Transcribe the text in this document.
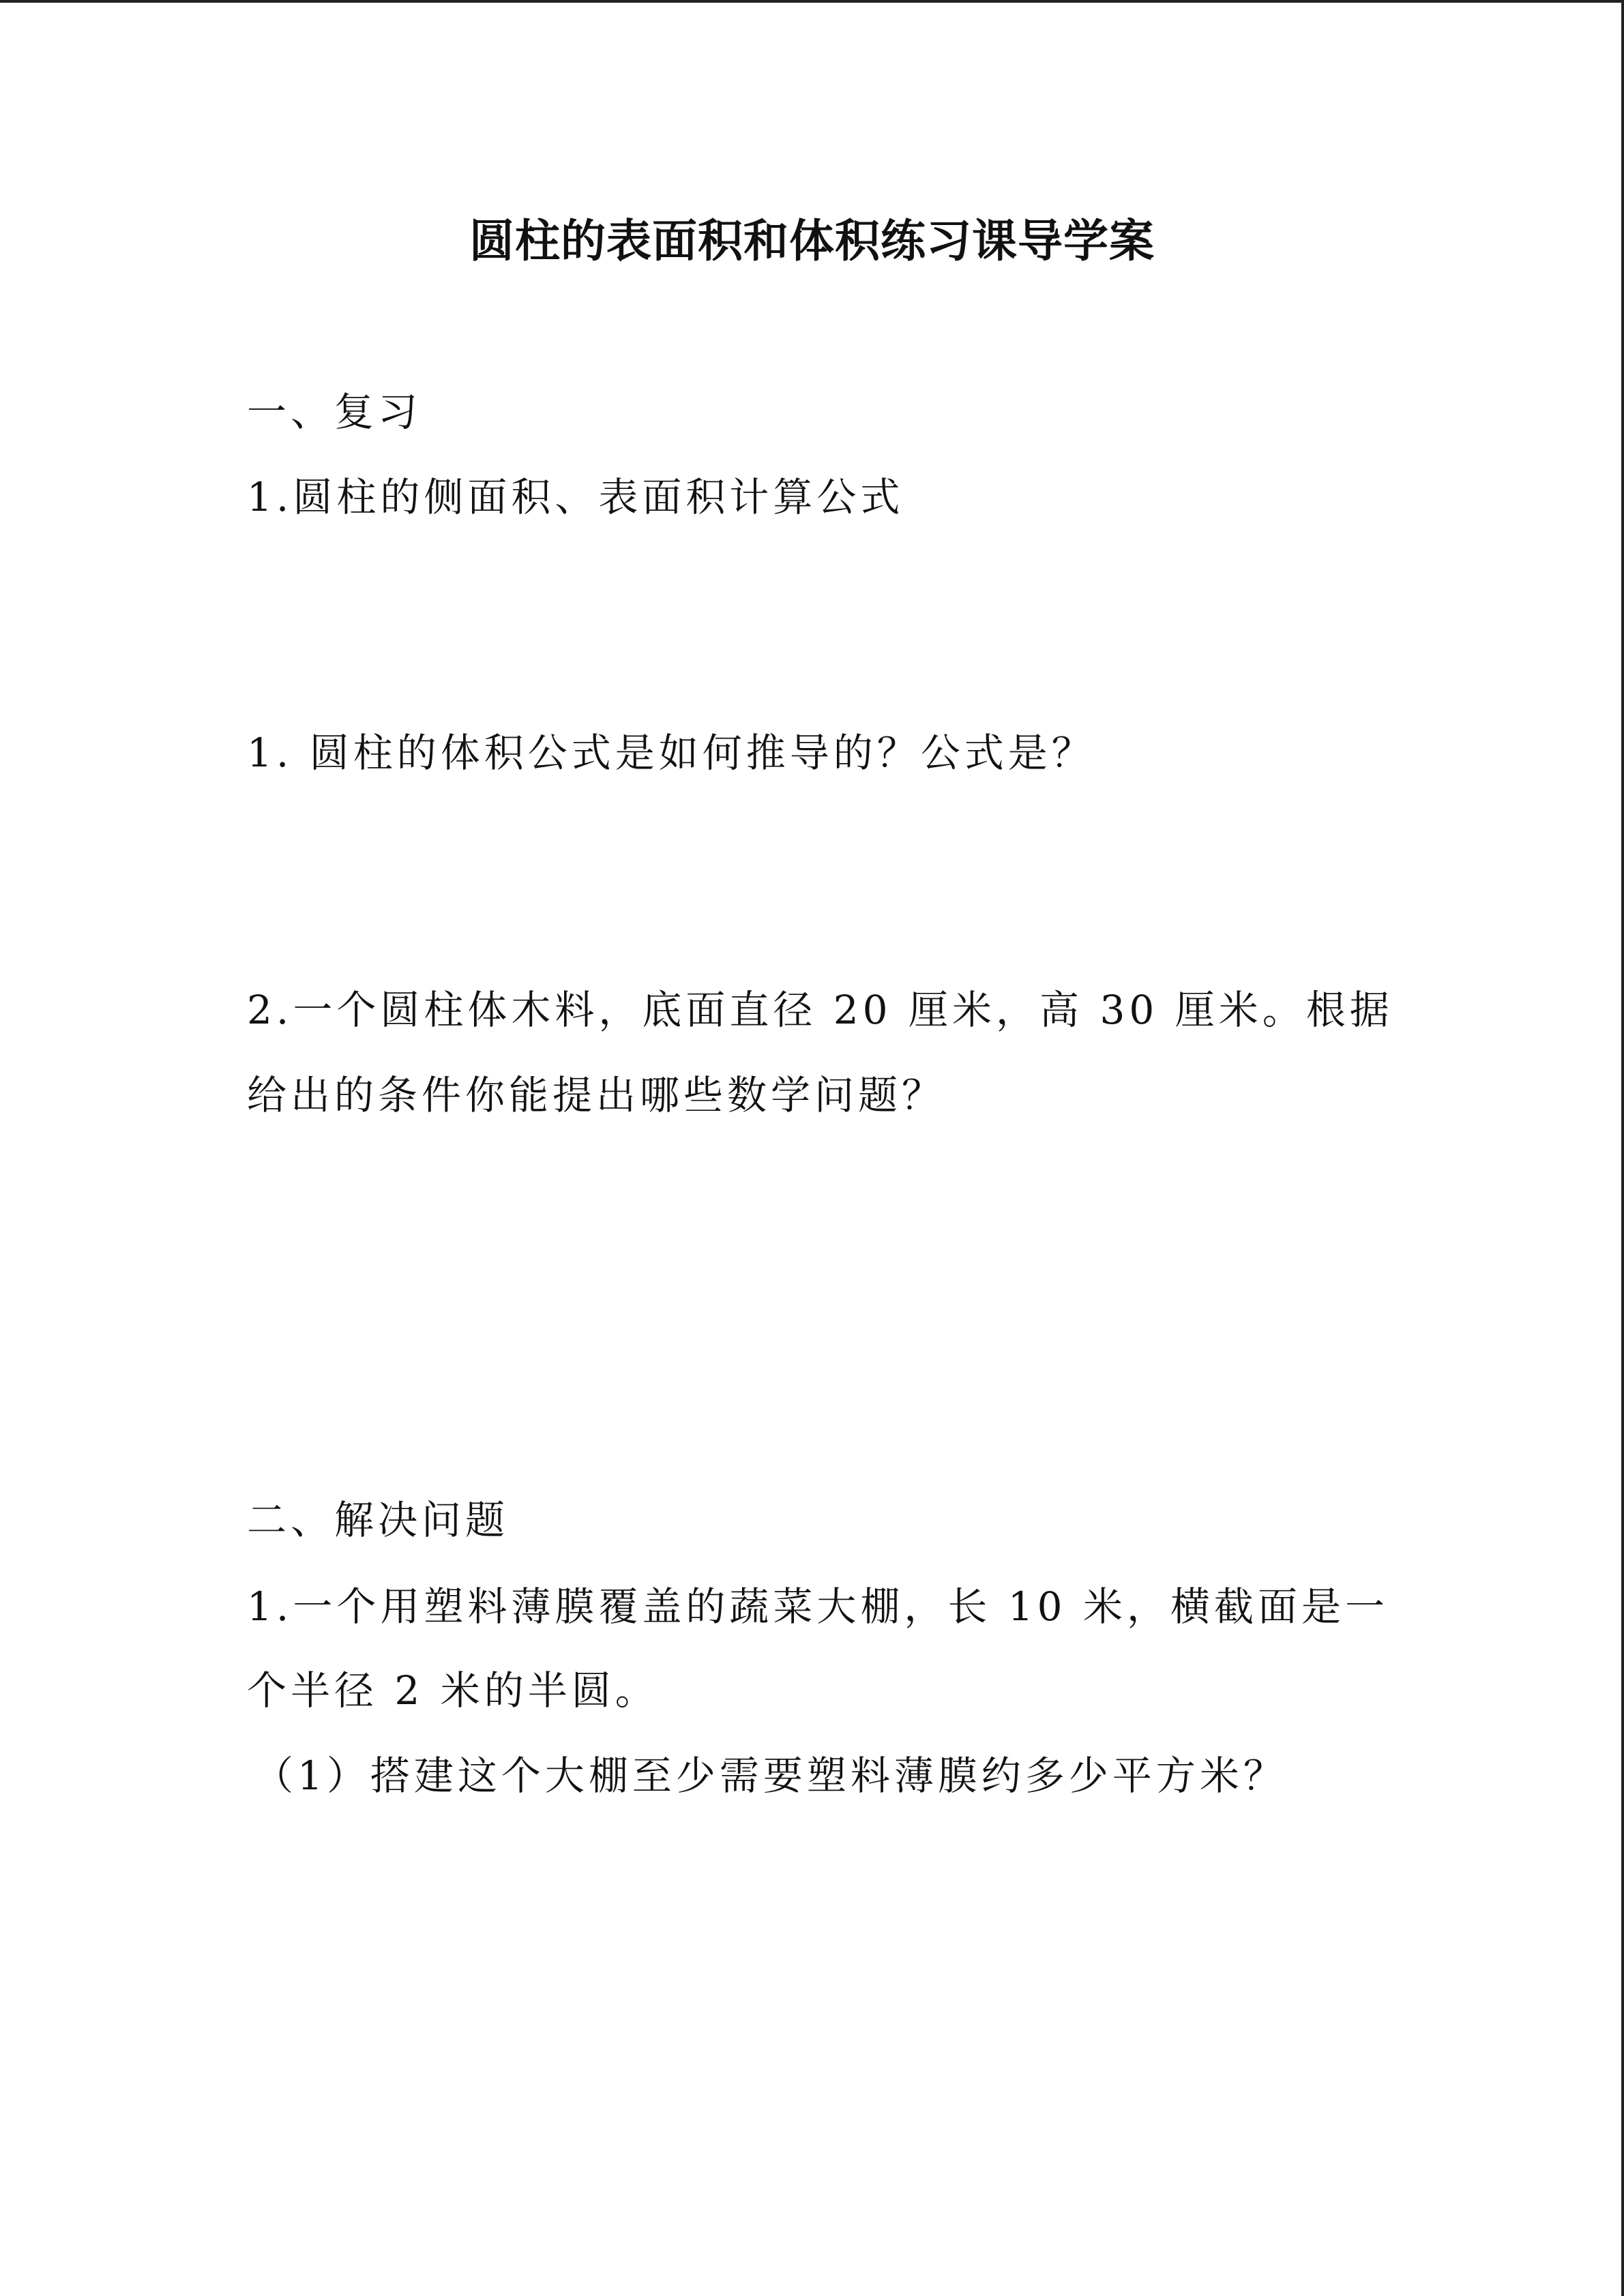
圆柱的表面积和体积练习课导学案
一、复习
1.圆柱的侧面积、表面积计算公式
1. 圆柱的体积公式是如何推导的？公式是？
2.一个圆柱体木料，底面直径 20 厘米，高 30 厘米。根据
给出的条件你能提出哪些数学问题？
二、解决问题
1.一个用塑料薄膜覆盖的蔬菜大棚，长 10 米，横截面是一
个半径 2 米的半圆。
（1）搭建这个大棚至少需要塑料薄膜约多少平方米？
